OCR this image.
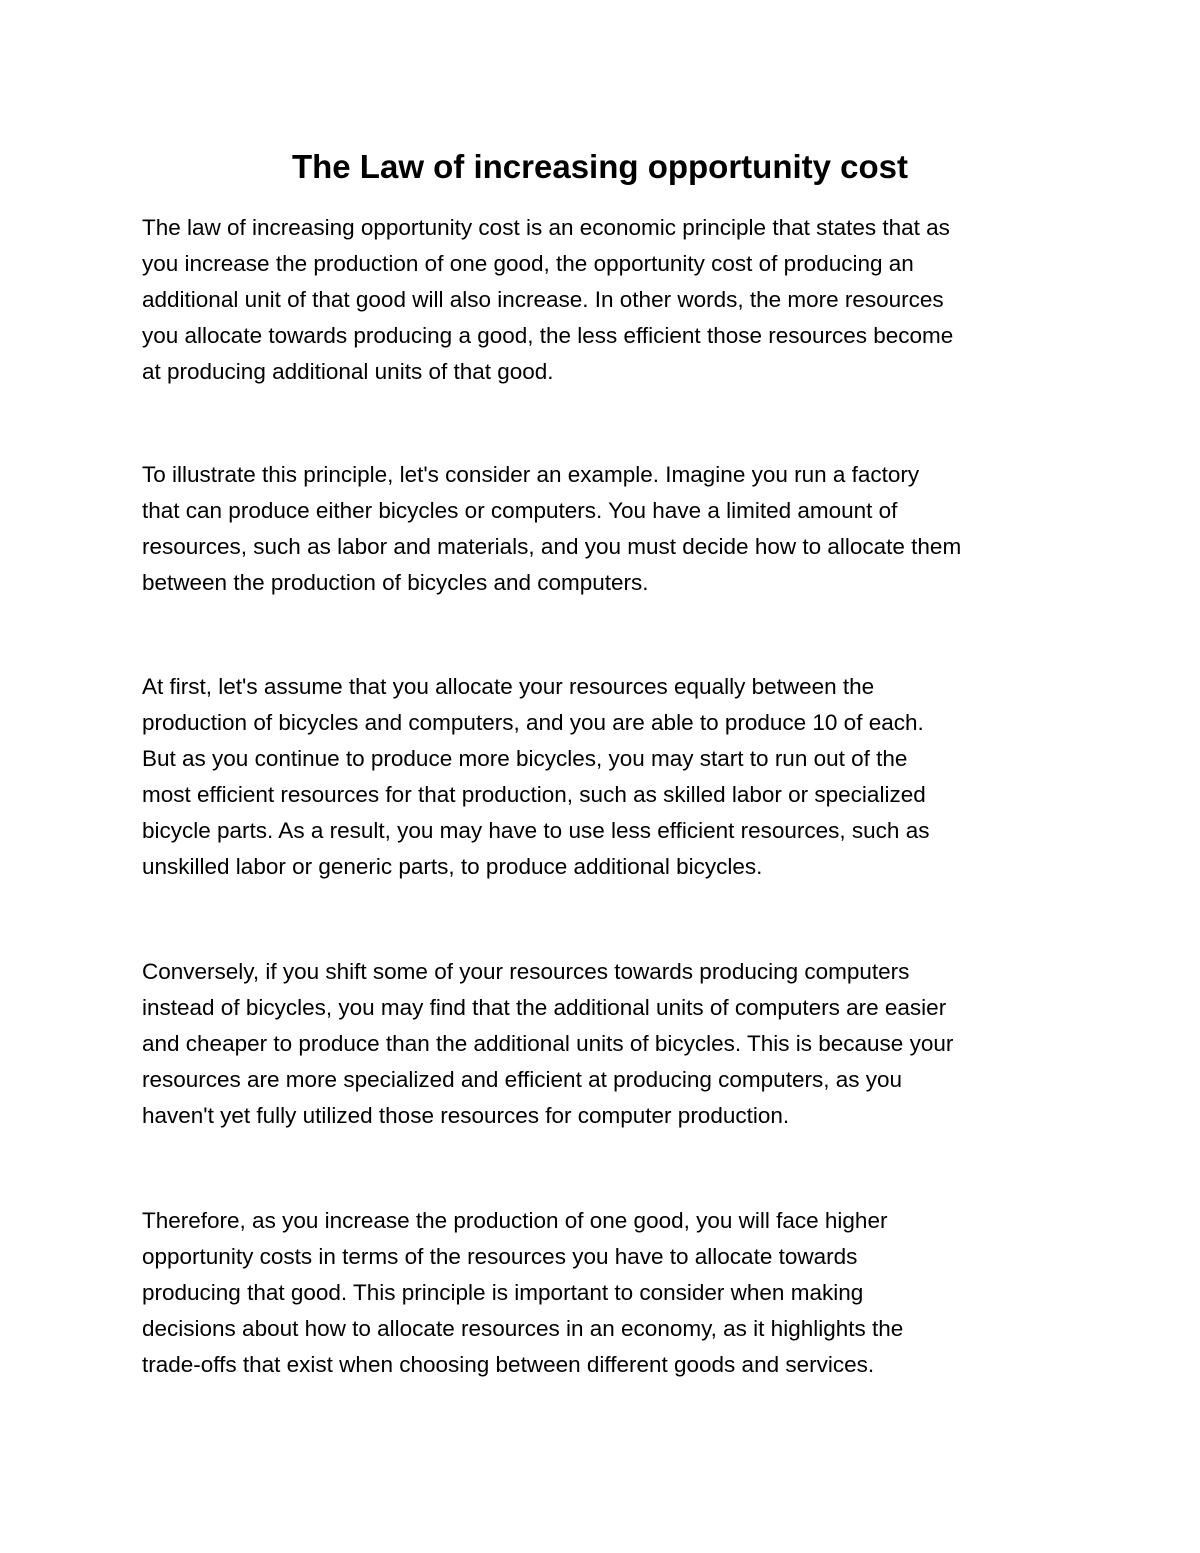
The Law of increasing opportunity cost

The law of increasing opportunity cost is an economic principle that states that as
you increase the production of one good, the opportunity cost of producing an
additional unit of that good will also increase. In other words, the more resources
you allocate towards producing a good, the less efficient those resources become
at producing additional units of that good.

To illustrate this principle, let's consider an example. Imagine you run a factory
that can produce either bicycles or computers. You have a limited amount of
resources, such as labor and materials, and you must decide how to allocate them
between the production of bicycles and computers.

At first, let's assume that you allocate your resources equally between the
production of bicycles and computers, and you are able to produce 10 of each.
But as you continue to produce more bicycles, you may start to run out of the
most efficient resources for that production, such as skilled labor or specialized
bicycle parts. As a result, you may have to use less efficient resources, such as
unskilled labor or generic parts, to produce additional bicycles.

Conversely, if you shift some of your resources towards producing computers
instead of bicycles, you may find that the additional units of computers are easier
and cheaper to produce than the additional units of bicycles. This is because your
resources are more specialized and efficient at producing computers, as you
haven't yet fully utilized those resources for computer production.

Therefore, as you increase the production of one good, you will face higher
opportunity costs in terms of the resources you have to allocate towards
producing that good. This principle is important to consider when making
decisions about how to allocate resources in an economy, as it highlights the
trade-offs that exist when choosing between different goods and services.
